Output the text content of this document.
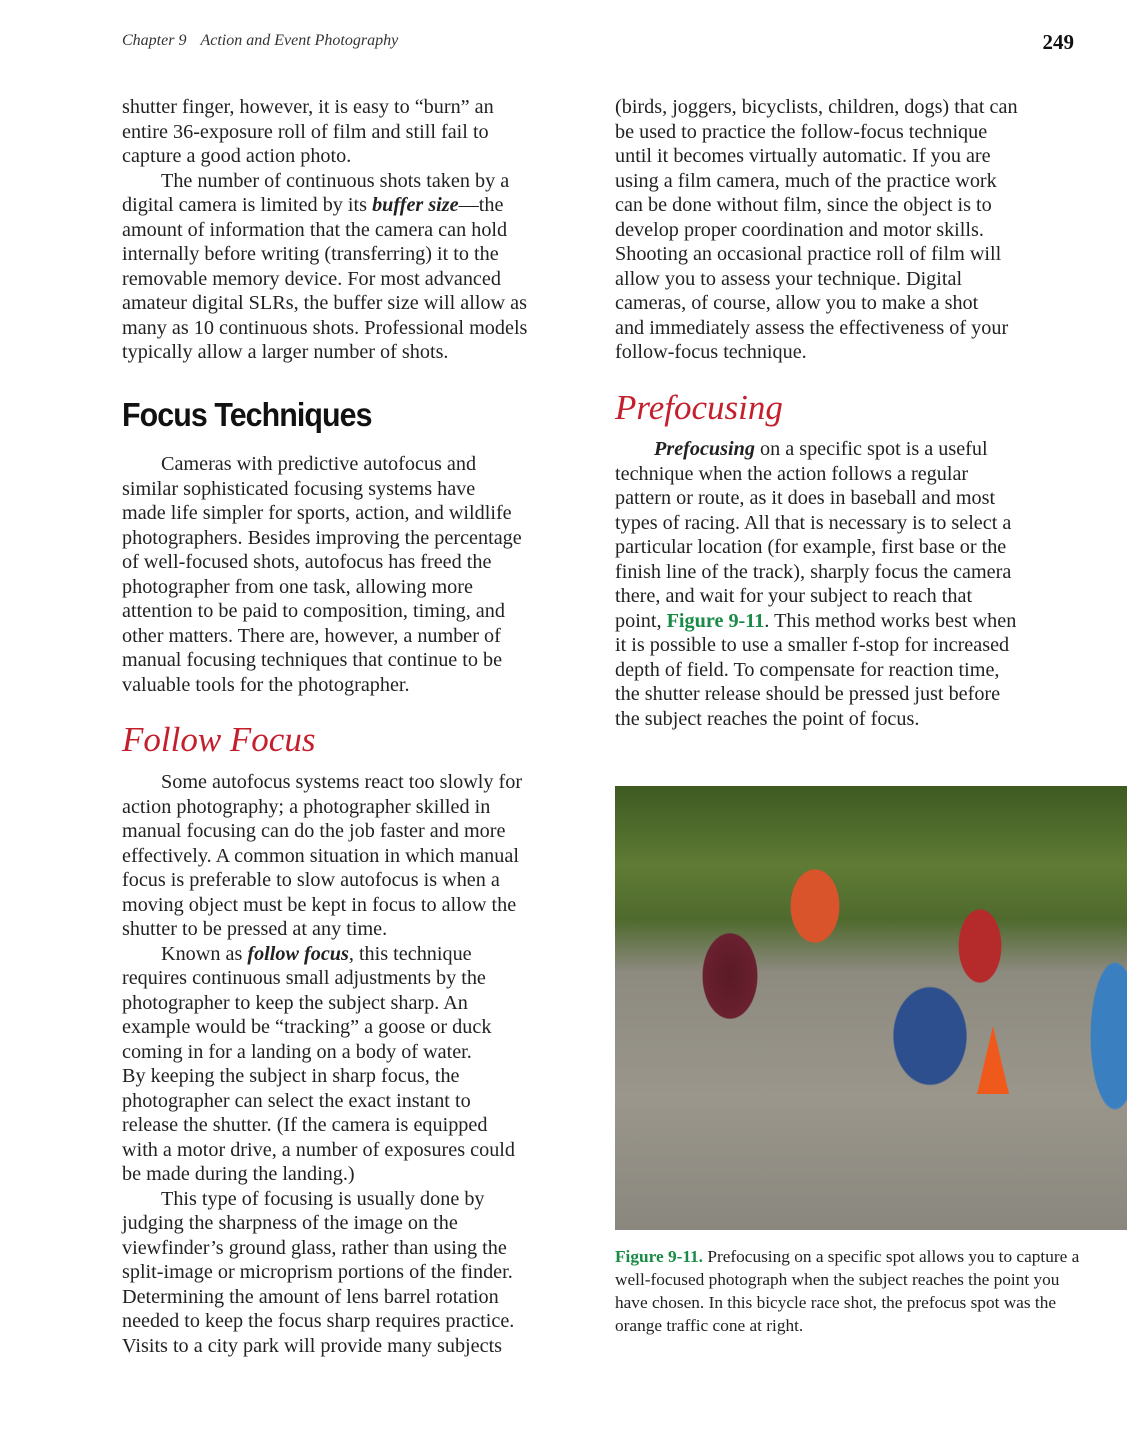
Chapter 9 Action and Event Photography	249
shutter finger, however, it is easy to “burn” an
entire 36-exposure roll of film and still fail to
capture a good action photo.
The number of continuous shots taken by a
digital camera is limited by its buffer size—the
amount of information that the camera can hold
internally before writing (transferring) it to the
removable memory device. For most advanced
amateur digital SLRs, the buffer size will allow as
many as 10 continuous shots. Professional models
typically allow a larger number of shots.
Focus Techniques
Cameras with predictive autofocus and
similar sophisticated focusing systems have
made life simpler for sports, action, and wildlife
photographers. Besides improving the percentage
of well-focused shots, autofocus has freed the
photographer from one task, allowing more
attention to be paid to composition, timing, and
other matters. There are, however, a number of
manual focusing techniques that continue to be
valuable tools for the photographer.
Follow Focus
Some autofocus systems react too slowly for
action photography; a photographer skilled in
manual focusing can do the job faster and more
effectively. A common situation in which manual
focus is preferable to slow autofocus is when a
moving object must be kept in focus to allow the
shutter to be pressed at any time.
Known as follow focus, this technique
requires continuous small adjustments by the
photographer to keep the subject sharp. An
example would be “tracking” a goose or duck
coming in for a landing on a body of water.
By keeping the subject in sharp focus, the
photographer can select the exact instant to
release the shutter. (If the camera is equipped
with a motor drive, a number of exposures could
be made during the landing.)
This type of focusing is usually done by
judging the sharpness of the image on the
viewfinder’s ground glass, rather than using the
split-image or microprism portions of the finder.
Determining the amount of lens barrel rotation
needed to keep the focus sharp requires practice.
Visits to a city park will provide many subjects
(birds, joggers, bicyclists, children, dogs) that can
be used to practice the follow-focus technique
until it becomes virtually automatic. If you are
using a film camera, much of the practice work
can be done without film, since the object is to
develop proper coordination and motor skills.
Shooting an occasional practice roll of film will
allow you to assess your technique. Digital
cameras, of course, allow you to make a shot
and immediately assess the effectiveness of your
follow-focus technique.
Prefocusing
Prefocusing on a specific spot is a useful
technique when the action follows a regular
pattern or route, as it does in baseball and most
types of racing. All that is necessary is to select a
particular location (for example, first base or the
finish line of the track), sharply focus the camera
there, and wait for your subject to reach that
point, Figure 9-11. This method works best when
it is possible to use a smaller f-stop for increased
depth of field. To compensate for reaction time,
the shutter release should be pressed just before
the subject reaches the point of focus.
Figure 9-11. Prefocusing on a specific spot allows you to capture a well-focused photograph when the subject reaches the point you have chosen. In this bicycle race shot, the prefocus spot was the orange traffic cone at right.
